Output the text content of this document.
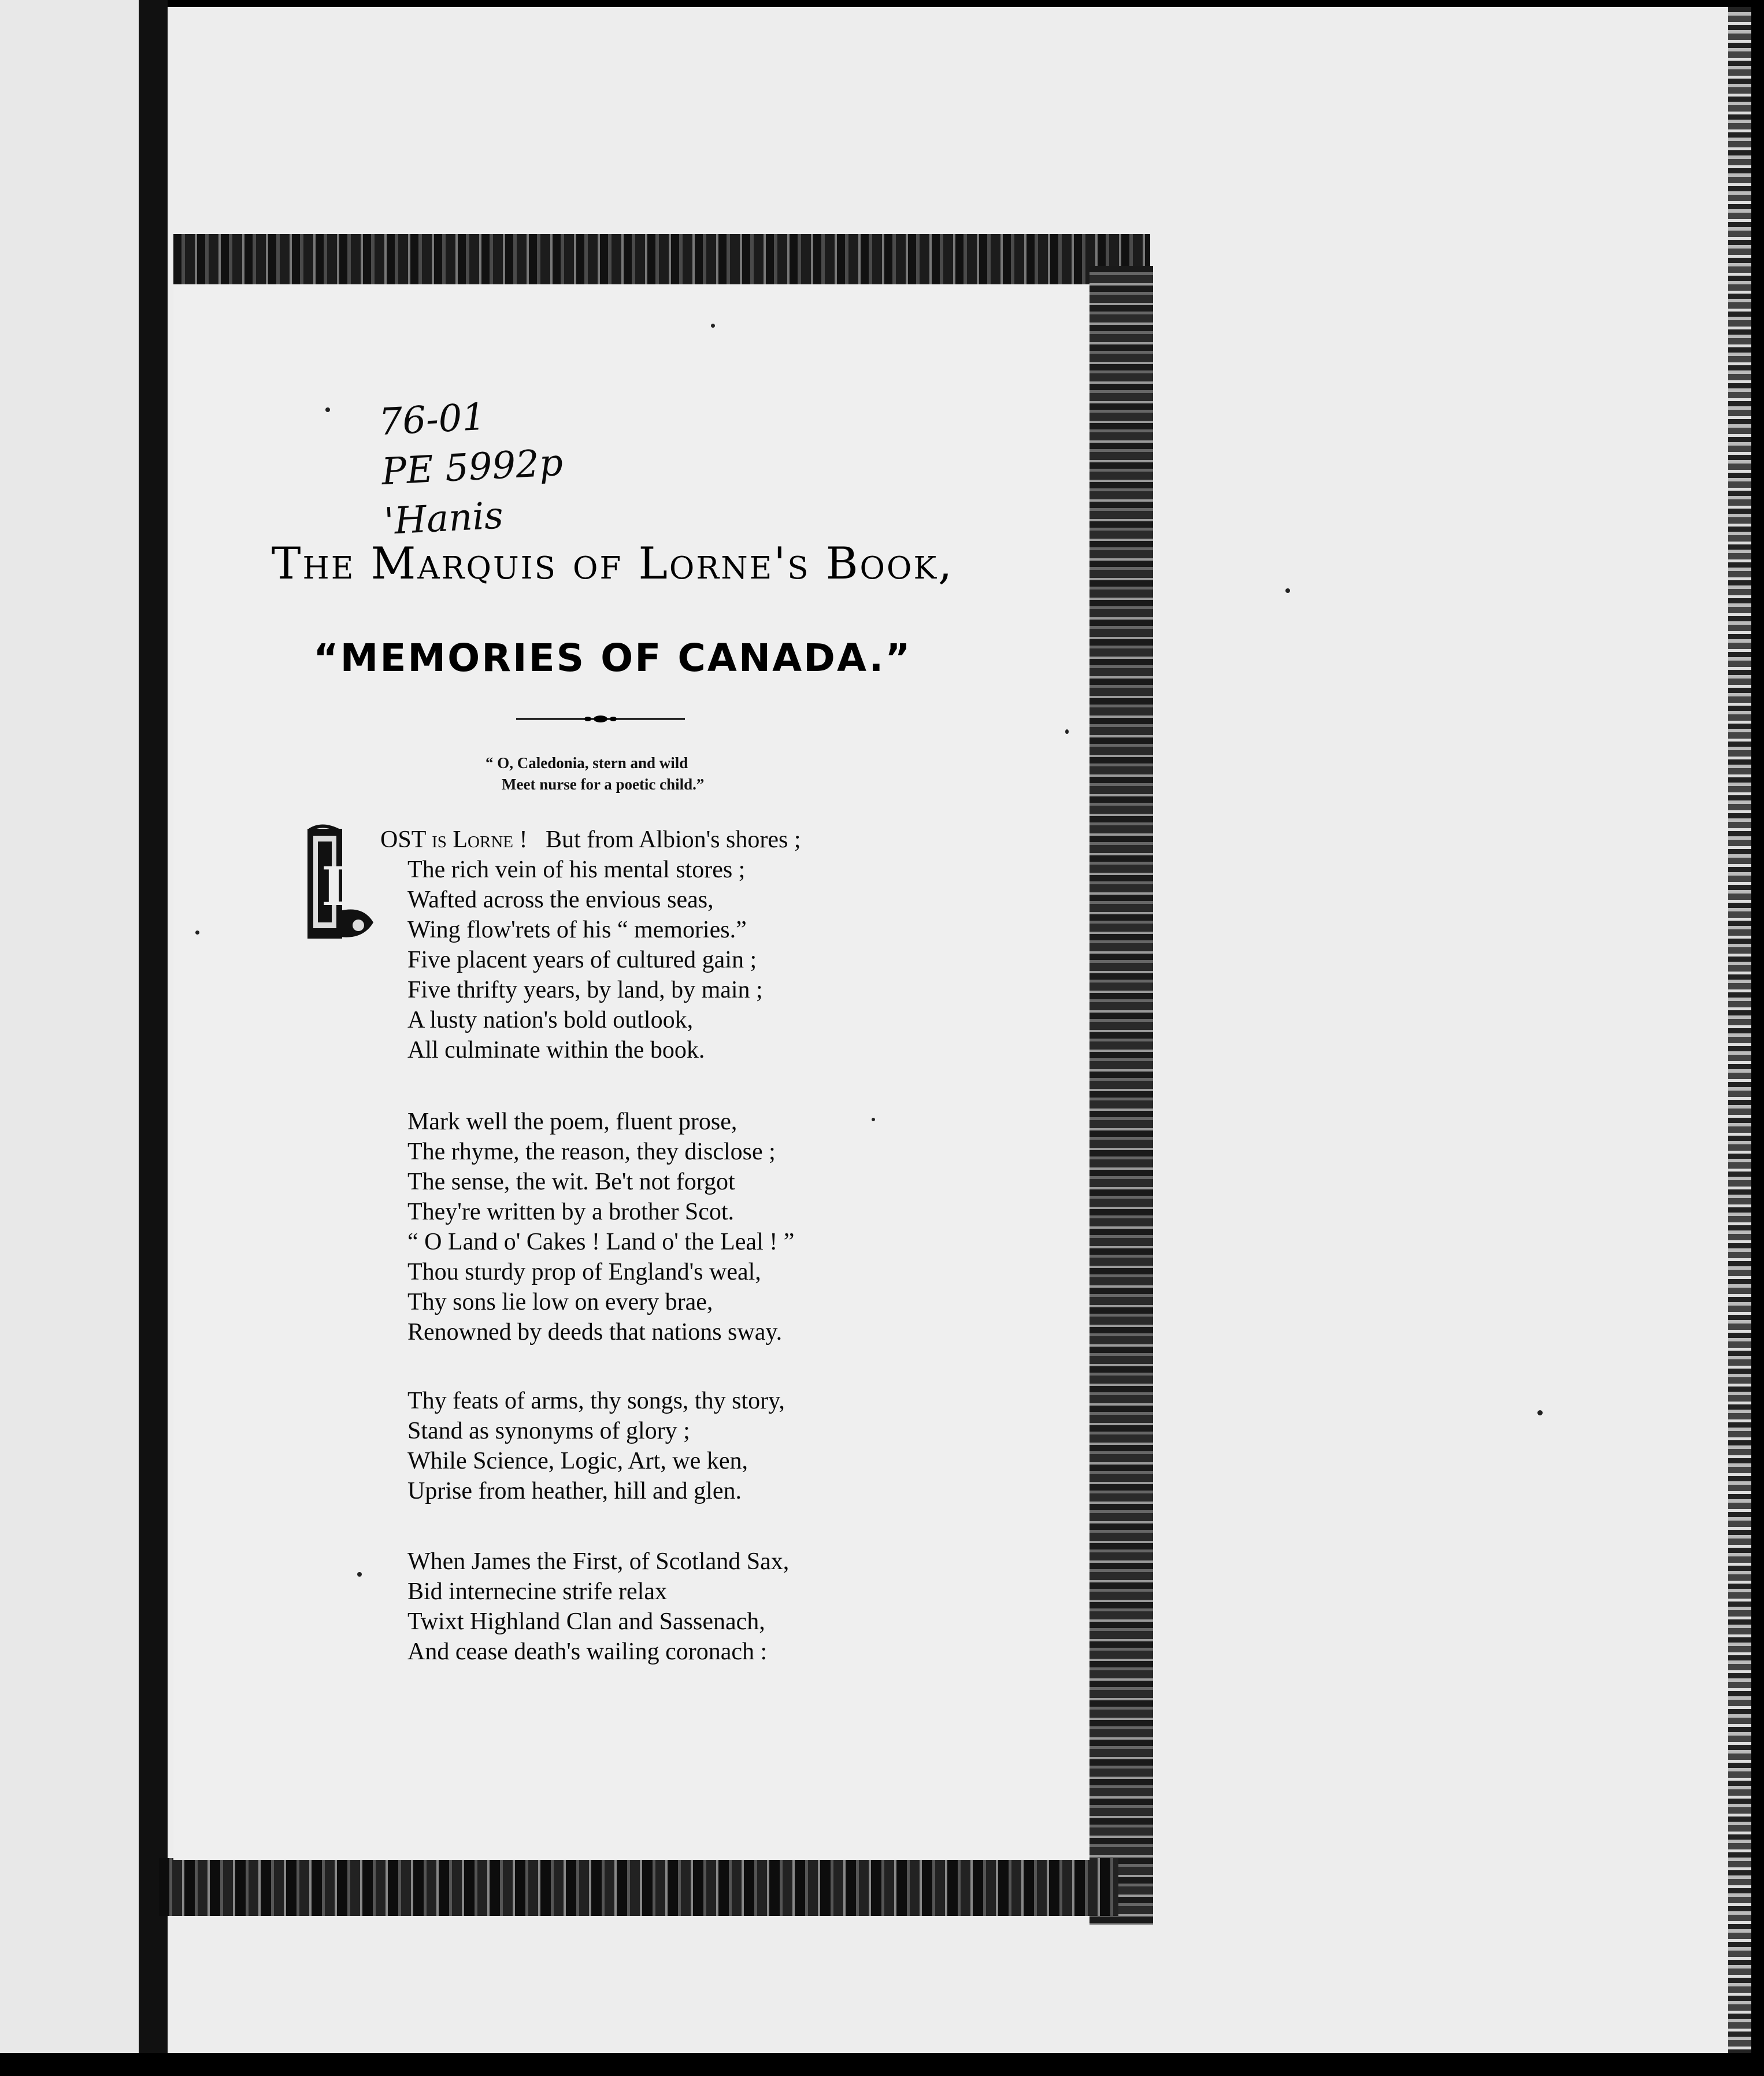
76-01
PE 5992p
'Hanis
The Marquis of Lorne's Book,
“MEMORIES OF CANADA.”
“ O, Caledonia, stern and wild
Meet nurse for a poetic child.”
L
OST is Lorne ! But from Albion's shores ;
The rich vein of his mental stores ;
Wafted across the envious seas,
Wing flow'rets of his “ memories.”
Five placent years of cultured gain ;
Five thrifty years, by land, by main ;
A lusty nation's bold outlook,
All culminate within the book.
Mark well the poem, fluent prose,
The rhyme, the reason, they disclose ;
The sense, the wit. Be't not forgot
They're written by a brother Scot.
“ O Land o' Cakes ! Land o' the Leal ! ”
Thou sturdy prop of England's weal,
Thy sons lie low on every brae,
Renowned by deeds that nations sway.
Thy feats of arms, thy songs, thy story,
Stand as synonyms of glory ;
While Science, Logic, Art, we ken,
Uprise from heather, hill and glen.
When James the First, of Scotland Sax,
Bid internecine strife relax
Twixt Highland Clan and Sassenach,
And cease death's wailing coronach :
